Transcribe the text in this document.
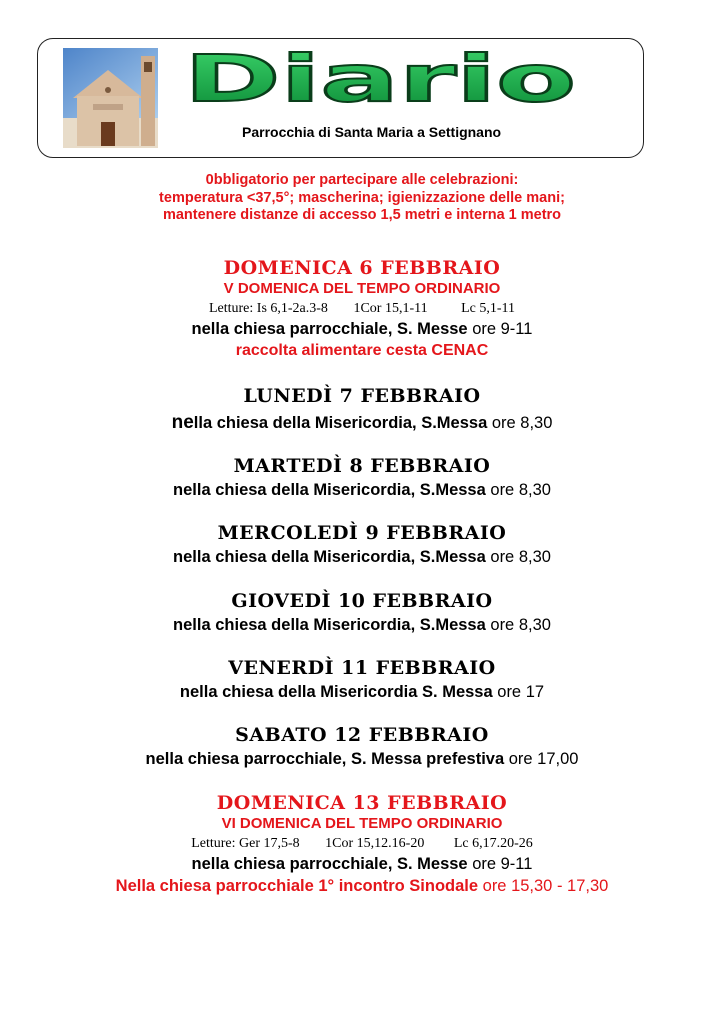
Diario
Parrocchia di Santa Maria a Settignano
0bbligatorio per partecipare alle celebrazioni:
temperatura <37,5°; mascherina; igienizzazione delle mani;
mantenere distanze di accesso 1,5 metri e interna 1 metro
DOMENICA 6 FEBBRAIO
V DOMENICA DEL TEMPO ORDINARIO
Letture: Is 6,1-2a.3-8 1Cor 15,1-11 Lc 5,1-11
nella chiesa parrocchiale, S. Messe ore 9-11
raccolta alimentare cesta CENAC
LUNEDÌ 7 FEBBRAIO
nella chiesa della Misericordia, S.Messa ore 8,30
MARTEDÌ 8 FEBBRAIO
nella chiesa della Misericordia, S.Messa ore 8,30
MERCOLEDÌ 9 FEBBRAIO
nella chiesa della Misericordia, S.Messa ore 8,30
GIOVEDÌ 10 FEBBRAIO
nella chiesa della Misericordia, S.Messa ore 8,30
VENERDÌ 11 FEBBRAIO
nella chiesa della Misericordia S. Messa ore 17
SABATO 12 FEBBRAIO
nella chiesa parrocchiale, S. Messa prefestiva ore 17,00
DOMENICA 13 FEBBRAIO
VI DOMENICA DEL TEMPO ORDINARIO
Letture: Ger 17,5-8 1Cor 15,12.16-20 Lc 6,17.20-26
nella chiesa parrocchiale, S. Messe ore 9-11
Nella chiesa parrocchiale 1° incontro Sinodale ore 15,30 - 17,30
